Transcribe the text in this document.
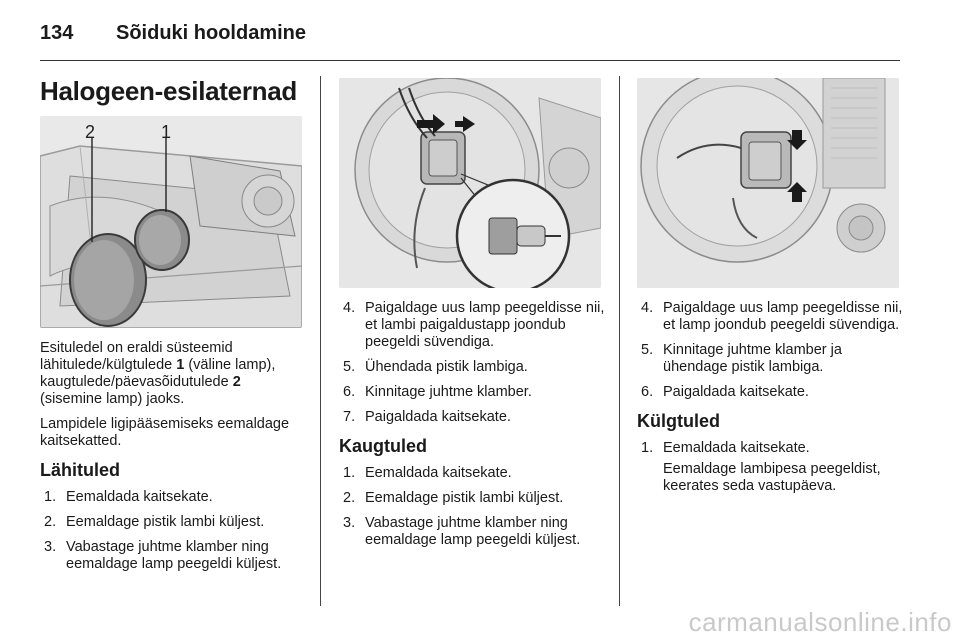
134 Sõiduki hooldamine
Halogeen-esilaternad
2	1

Esituledel on eraldi süsteemid lähitulede/külgtulede 1 (väline lamp), kaugtulede/päevasõidutulede 2 (sisemine lamp) jaoks.

Lampidele ligipääsemiseks eemaldage kaitsekatted.

Lähituled
1. Eemaldada kaitsekate.
2. Eemaldage pistik lambi küljest.
3. Vabastage juhtme klamber ning eemaldage lamp peegeldi küljest.
4. Paigaldage uus lamp peegeldisse nii, et lambi paigaldustapp joondub peegeldi süvendiga.
5. Ühendada pistik lambiga.
6. Kinnitage juhtme klamber.
7. Paigaldada kaitsekate.
Kaugtuled
1. Eemaldada kaitsekate.
2. Eemaldage pistik lambi küljest.
3. Vabastage juhtme klamber ning eemaldage lamp peegeldi küljest.
4. Paigaldage uus lamp peegeldisse nii, et lamp joondub peegeldi süvendiga.
5. Kinnitage juhtme klamber ja ühendage pistik lambiga.
6. Paigaldada kaitsekate.
Külgtuled
1. Eemaldada kaitsekate.

Eemaldage lambipesa peegeldist, keerates seda vastupäeva.

carmanualsonline.info
